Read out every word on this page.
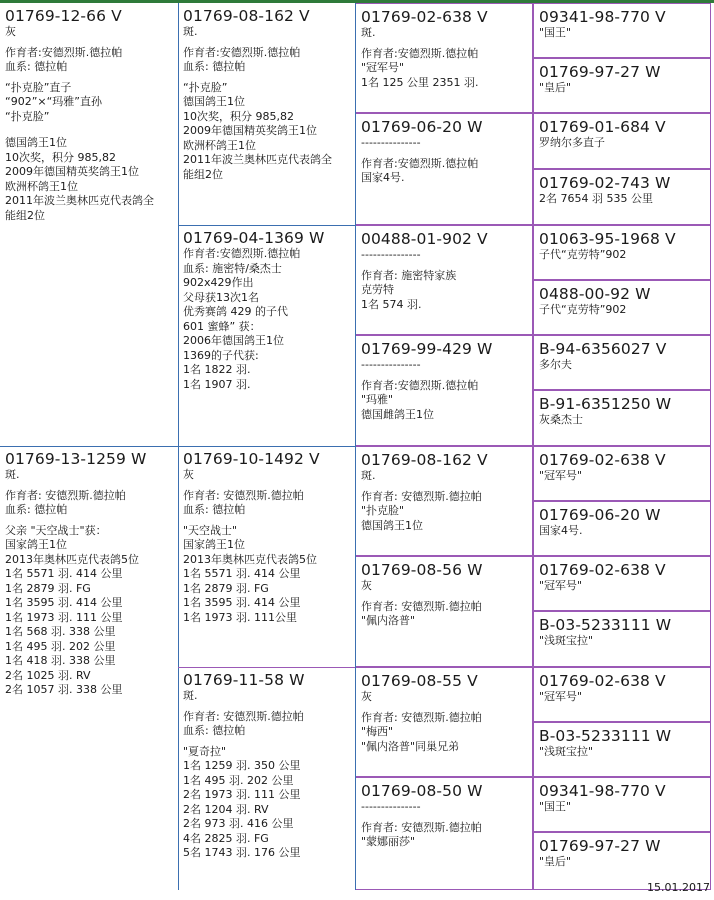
01769-12-66 V
灰
作育者:安德烈斯.德拉帕
血系: 德拉帕
“扑克脸”直子
“902”×“玛雅”直孙
“扑克脸”
德国鸽王1位
10次奖，积分 985,82
2009年德国精英奖鸽王1位
欧洲杯鸽王1位
2011年波兰奥林匹克代表鸽全
能组2位
01769-13-1259 W
斑.
作育者: 安德烈斯.德拉帕
血系: 德拉帕
父亲 "天空战士"获：
国家鸽王1位
2013年奥林匹克代表鸽5位
1名 5571 羽. 414 公里
1名 2879 羽. FG
1名 3595 羽. 414 公里
1名 1973 羽. 111 公里
1名 568 羽. 338 公里
1名 495 羽. 202 公里
1名 418 羽. 338 公里
2名 1025 羽. RV
2名 1057 羽. 338 公里
01769-08-162 V
斑.
作育者:安德烈斯.德拉帕
血系: 德拉帕
“扑克脸”
德国鸽王1位
10次奖，积分 985,82
2009年德国精英奖鸽王1位
欧洲杯鸽王1位
2011年波兰奥林匹克代表鸽全
能组2位
01769-04-1369 W
作育者:安德烈斯.德拉帕
血系: 施密特/桑杰士
902x429作出
父母获13次1名
优秀赛鸽 429 的子代
601 蜜蜂” 获：
2006年德国鸽王1位
1369的子代获:
1名 1822 羽.
1名 1907 羽.
01769-10-1492 V
灰
作育者: 安德烈斯.德拉帕
血系: 德拉帕
"天空战士"
国家鸽王1位
2013年奥林匹克代表鸽5位
1名 5571 羽. 414 公里
1名 2879 羽. FG
1名 3595 羽. 414 公里
1名 1973 羽. 111公里
01769-11-58 W
斑.
作育者: 安德烈斯.德拉帕
血系: 德拉帕
"夏奇拉"
1名 1259 羽. 350 公里
1名 495 羽. 202 公里
2名 1973 羽. 111 公里
2名 1204 羽. RV
2名 973 羽. 416 公里
4名 2825 羽. FG
5名 1743 羽. 176 公里
01769-02-638 V
斑.
作育者:安德烈斯.德拉帕
"冠军号"
1名 125 公里 2351 羽.
01769-06-20 W
---------------
作育者:安德烈斯.德拉帕
国家4号.
00488-01-902 V
---------------
作育者: 施密特家族
克劳特
1名 574 羽.
01769-99-429 W
---------------
作育者:安德烈斯.德拉帕
"玛雅"
德国雌鸽王1位
01769-08-162 V
斑.
作育者: 安德烈斯.德拉帕
"扑克脸"
德国鸽王1位
01769-08-56 W
灰
作育者: 安德烈斯.德拉帕
"佩内洛普"
01769-08-55 V
灰
作育者: 安德烈斯.德拉帕
"梅西"
"佩内洛普"同巢兄弟
01769-08-50 W
---------------
作育者: 安德烈斯.德拉帕
"蒙娜丽莎"
09341-98-770 V
"国王"
01769-97-27 W
"皇后"
01769-01-684 V
罗纳尔多直子
01769-02-743 W
2名 7654 羽 535 公里
01063-95-1968 V
子代“克劳特”902
0488-00-92 W
子代“克劳特”902
B-94-6356027 V
多尔夫
B-91-6351250 W
灰桑杰士
01769-02-638 V
"冠军号"
01769-06-20 W
国家4号.
01769-02-638 V
"冠军号"
B-03-5233111 W
"浅斑宝拉"
01769-02-638 V
"冠军号"
B-03-5233111 W
"浅斑宝拉"
09341-98-770 V
"国王"
01769-97-27 W
"皇后"
15.01.2017
